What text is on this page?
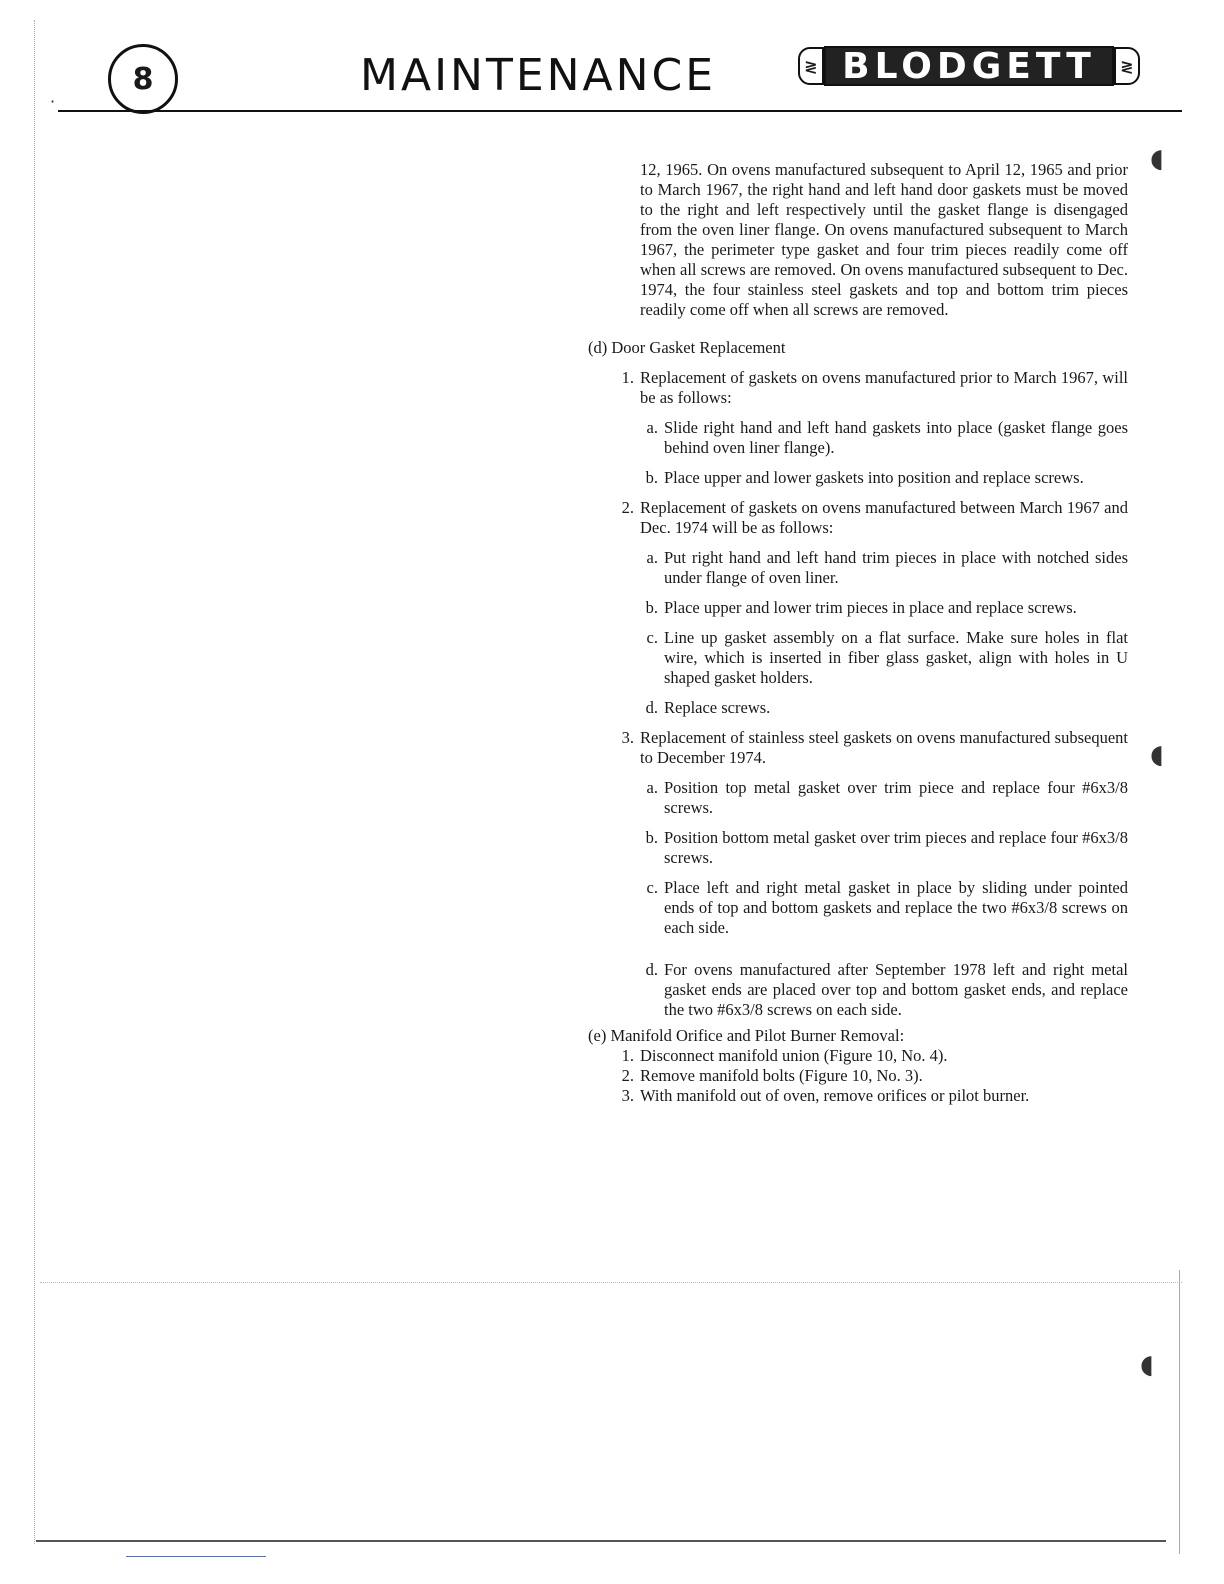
·
8	MAINTENANCE	≷ BLODGETT	≷
◖
◖
◖

12, 1965. On ovens manufactured subsequent to April 12, 1965 and prior to March 1967, the right hand and left hand door gaskets must be moved to the right and left respectively until the gasket flange is disengaged from the oven liner flange. On ovens manufactured subsequent to March 1967, the perimeter type gasket and four trim pieces readily come off when all screws are removed. On ovens manufactured subsequent to Dec. 1974, the four stainless steel gaskets and top and bottom trim pieces readily come off when all screws are removed.

(d) Door Gasket Replacement

1. Replacement of gaskets on ovens manufactured prior to March 1967, will be as follows:
a. Slide right hand and left hand gaskets into place (gasket flange goes behind oven liner flange).
b. Place upper and lower gaskets into position and replace screws.
2. Replacement of gaskets on ovens manufactured between March 1967 and Dec. 1974 will be as follows:
a. Put right hand and left hand trim pieces in place with notched sides under flange of oven liner.
b. Place upper and lower trim pieces in place and replace screws.
c. Line up gasket assembly on a flat surface. Make sure holes in flat wire, which is inserted in fiber glass gasket, align with holes in U shaped gasket holders.
d. Replace screws.
3. Replacement of stainless steel gaskets on ovens manufactured subsequent to December 1974.
a. Position top metal gasket over trim piece and replace four #6x3/8 screws.
b. Position bottom metal gasket over trim pieces and replace four #6x3/8 screws.
c. Place left and right metal gasket in place by sliding under pointed ends of top and bottom gaskets and replace the two #6x3/8 screws on each side.
d. For ovens manufactured after September 1978 left and right metal gasket ends are placed over top and bottom gasket ends, and replace the two #6x3/8 screws on each side.

(e) Manifold Orifice and Pilot Burner Removal:

1. Disconnect manifold union (Figure 10, No. 4).
2. Remove manifold bolts (Figure 10, No. 3).
3. With manifold out of oven, remove orifices or pilot burner.
